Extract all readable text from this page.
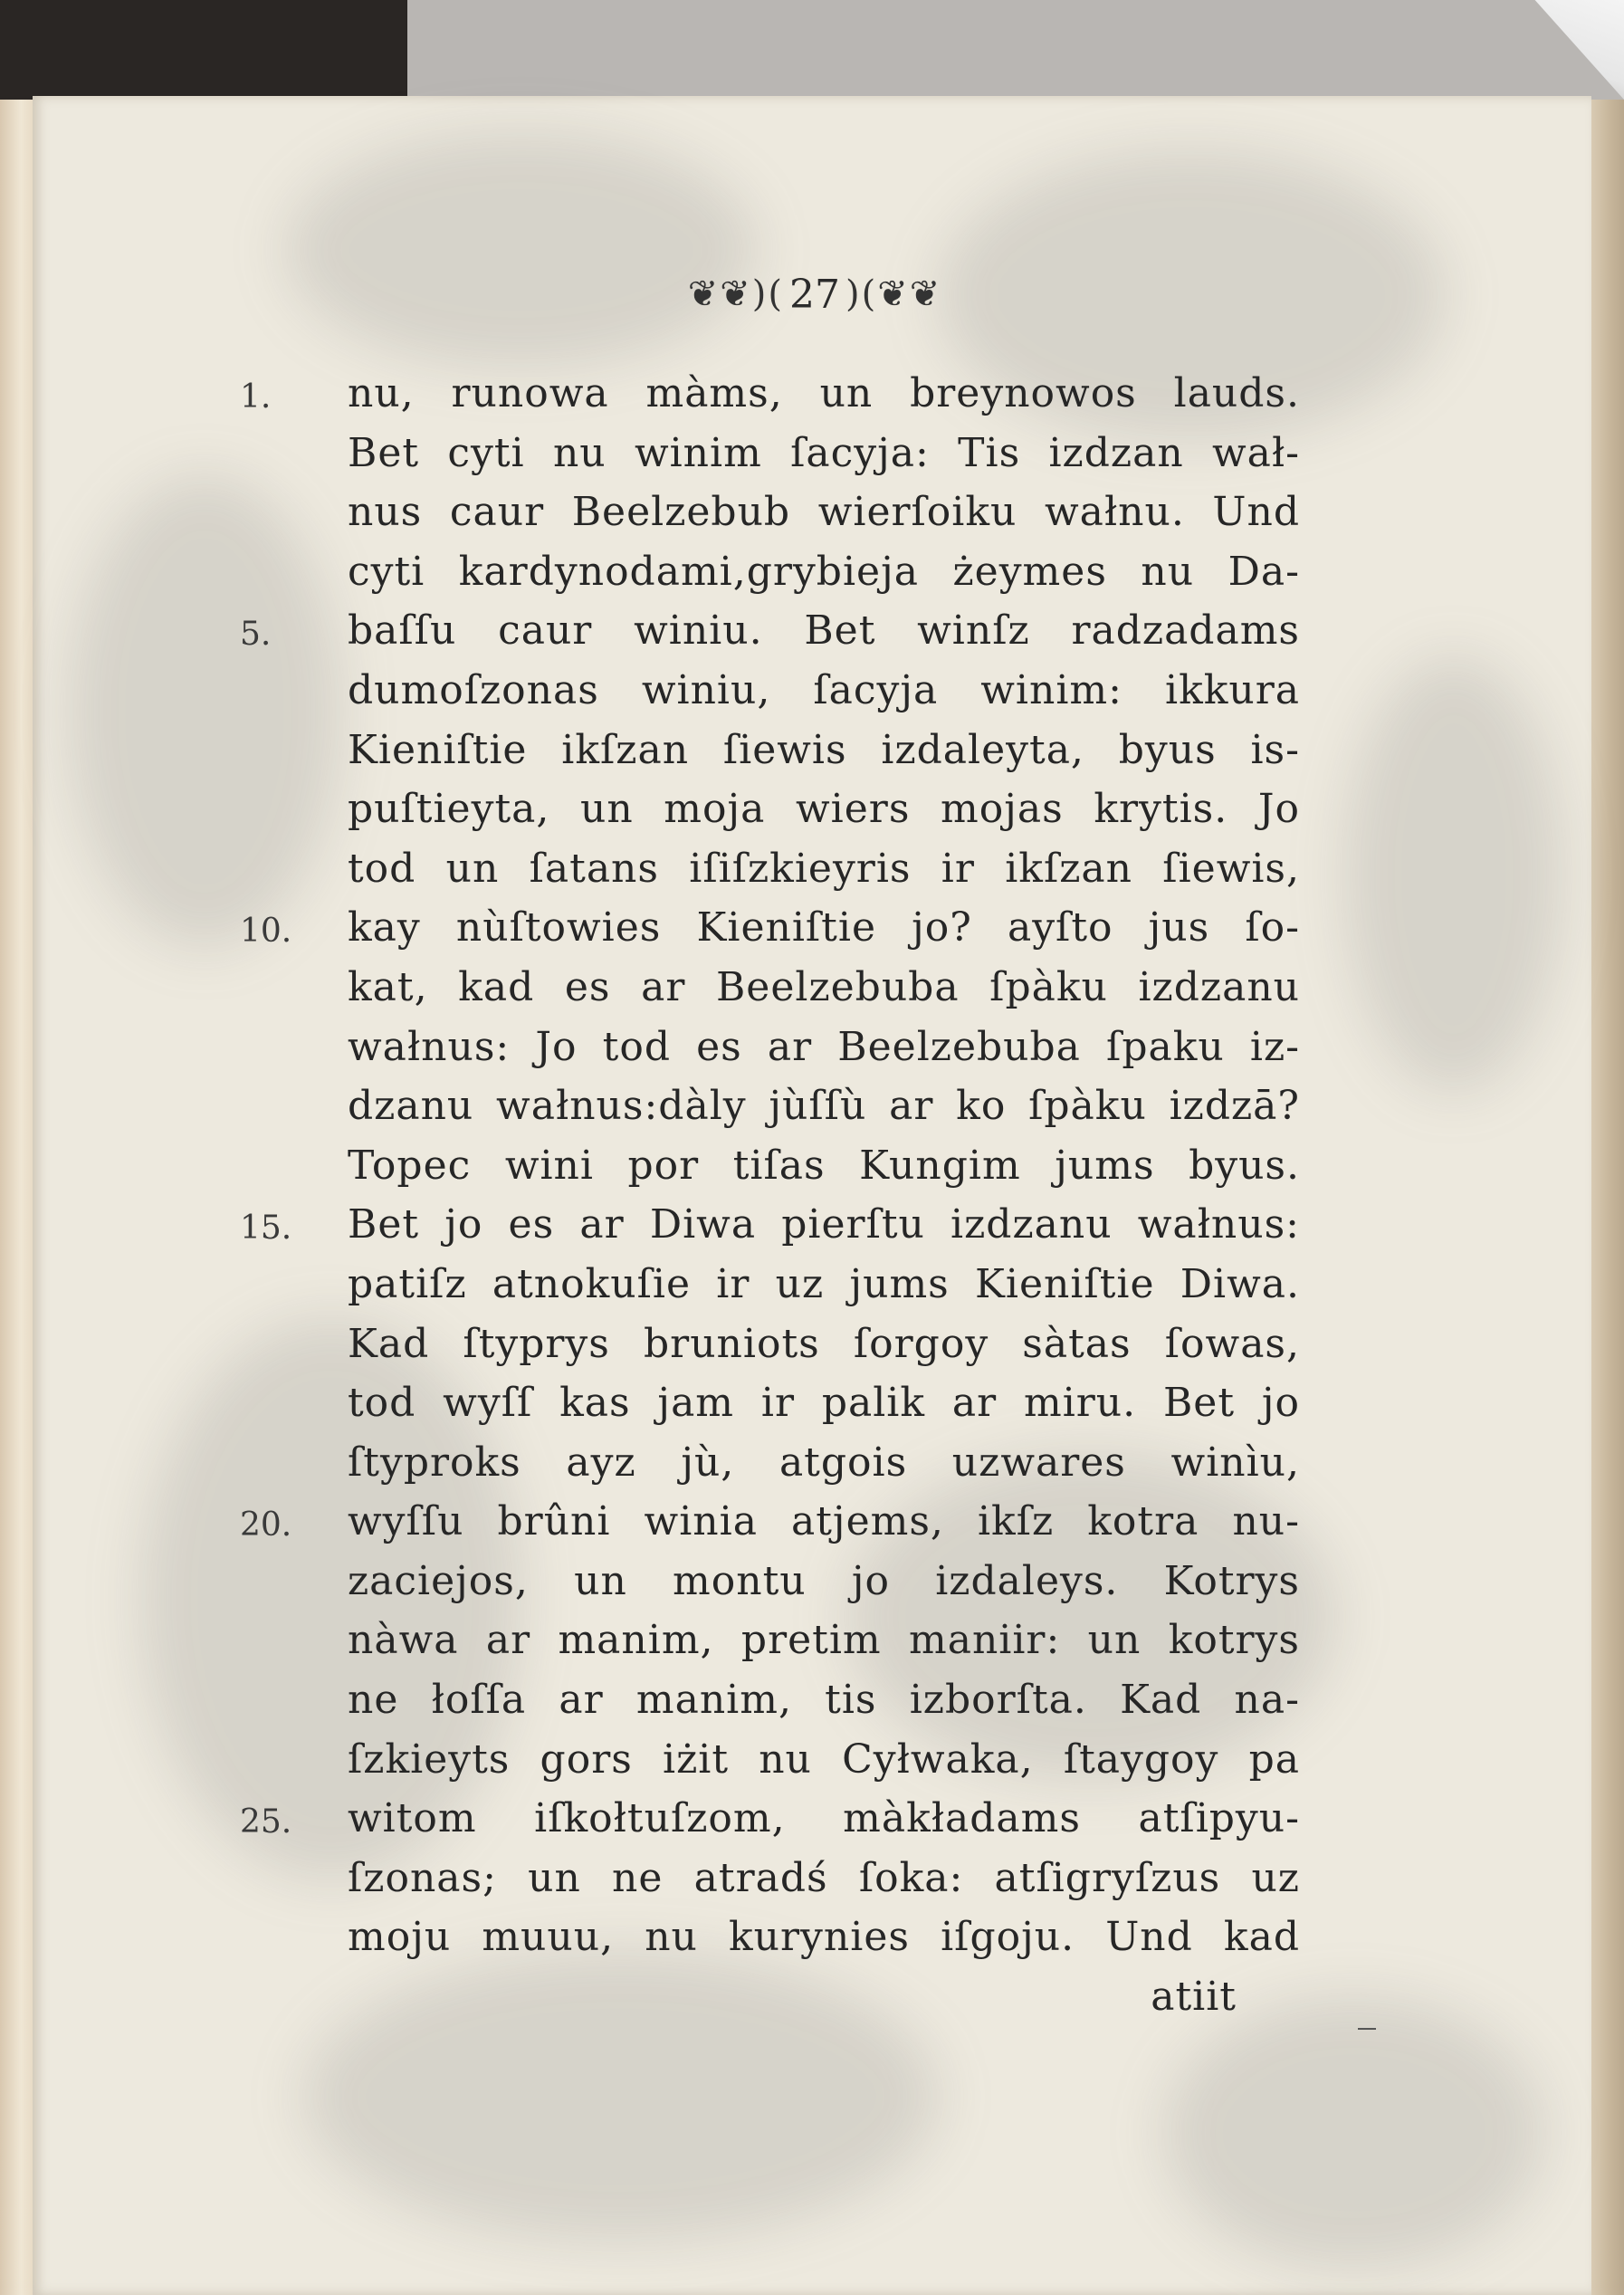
❦❦)( 27 )(❦❦
1.
5.
10.
15.
20.
25.
nu, runowa màms, un breynowos lauds.
Bet cyti nu winim ſacyja: Tis izdzan wał-
nus caur Beelzebub wierſoiku wałnu. Und
cyti kardynodami,grybieja żeymes nu Da-
baſſu caur winiu. Bet winſz radzadams
dumoſzonas winiu, ſacyja winim: ikkura
Kieniſtie ikſzan ſiewis izdaleyta, byus is-
puſtieyta, un moja wiers mojas krytis. Jo
tod un ſatans iſiſzkieyris ir ikſzan ſiewis,
kay nùſtowies Kieniſtie jo? ayſto jus ſo-
kat, kad es ar Beelzebuba ſpàku izdzanu
wałnus: Jo tod es ar Beelzebuba ſpaku iz-
dzanu wałnus:dàly jùſſù ar ko ſpàku izdzā?
Topec wini por tiſas Kungim jums byus.
Bet jo es ar Diwa pierſtu izdzanu wałnus:
patiſz atnokuſie ir uz jums Kieniſtie Diwa.
Kad ſtyprys bruniots ſorgoy sàtas ſowas,
tod wyſſ kas jam ir palik ar miru. Bet jo
ſtyproks ayz jù, atgois uzwares winìu,
wyſſu brûni winia atjems, ikſz kotra nu-
zaciejos, un montu jo izdaleys. Kotrys
nàwa ar manim, pretim maniir: un kotrys
ne łoſſa ar manim, tis izborſta. Kad na-
ſzkieyts gors iżit nu Cyłwaka, ſtaygoy pa
witom iſkołtuſzom, màkładams atſipyu-
ſzonas; un ne atradś ſoka: atſigryſzus uz
moju muuu, nu kurynies iſgoju. Und kad
atiit
